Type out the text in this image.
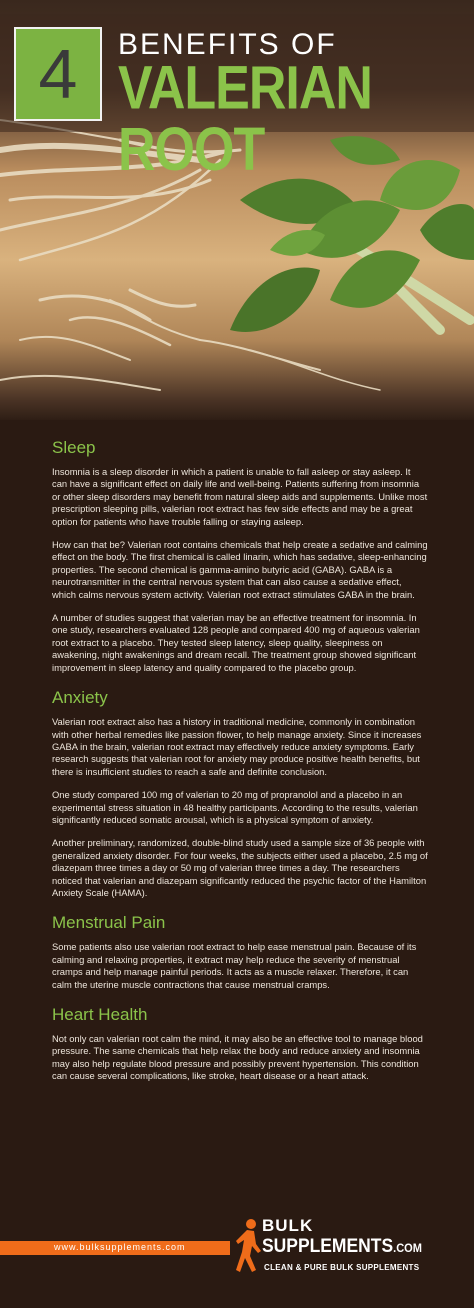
4 BENEFITS OF
VALERIAN ROOT
Sleep

Insomnia is a sleep disorder in which a patient is unable to fall asleep or stay asleep. It can have a significant effect on daily life and well-being. Patients suffering from insomnia or other sleep disorders may benefit from natural sleep aids and supplements. Unlike most prescription sleeping pills, valerian root extract has few side effects and may be a great option for patients who have trouble falling or staying asleep.

How can that be? Valerian root contains chemicals that help create a sedative and calming effect on the body. The first chemical is called linarin, which has sedative, sleep-enhancing properties. The second chemical is gamma-amino butyric acid (GABA). GABA is a neurotransmitter in the central nervous system that can also cause a sedative effect, which calms nervous system activity. Valerian root extract stimulates GABA in the brain.

A number of studies suggest that valerian may be an effective treatment for insomnia. In one study, researchers evaluated 128 people and compared 400 mg of aqueous valerian root extract to a placebo. They tested sleep latency, sleep quality, sleepiness on awakening, night awakenings and dream recall. The treatment group showed significant improvement in sleep latency and quality compared to the placebo group.

Anxiety

Valerian root extract also has a history in traditional medicine, commonly in combination with other herbal remedies like passion flower, to help manage anxiety. Since it increases GABA in the brain, valerian root extract may effectively reduce anxiety symptoms. Early research suggests that valerian root for anxiety may produce positive health benefits, but there is insufficient studies to reach a safe and definite conclusion.

One study compared 100 mg of valerian to 20 mg of propranolol and a placebo in an experimental stress situation in 48 healthy participants. According to the results, valerian significantly reduced somatic arousal, which is a physical symptom of anxiety.

Another preliminary, randomized, double-blind study used a sample size of 36 people with generalized anxiety disorder. For four weeks, the subjects either used a placebo, 2.5 mg of diazepam three times a day or 50 mg of valerian three times a day. The researchers noticed that valerian and diazepam significantly reduced the psychic factor of the Hamilton Anxiety Scale (HAMA).

Menstrual Pain

Some patients also use valerian root extract to help ease menstrual pain. Because of its calming and relaxing properties, it extract may help reduce the severity of menstrual cramps and help manage painful periods. It acts as a muscle relaxer. Therefore, it can calm the uterine muscle contractions that cause menstrual cramps.

Heart Health

Not only can valerian root calm the mind, it may also be an effective tool to manage blood pressure. The same chemicals that help relax the body and reduce anxiety and insomnia may also help regulate blood pressure and possibly prevent hypertension. This condition can cause several complications, like stroke, heart disease or a heart attack.

www.bulksupplements.com
BULK
SUPPLEMENTS.COM
CLEAN & PURE BULK SUPPLEMENTS
